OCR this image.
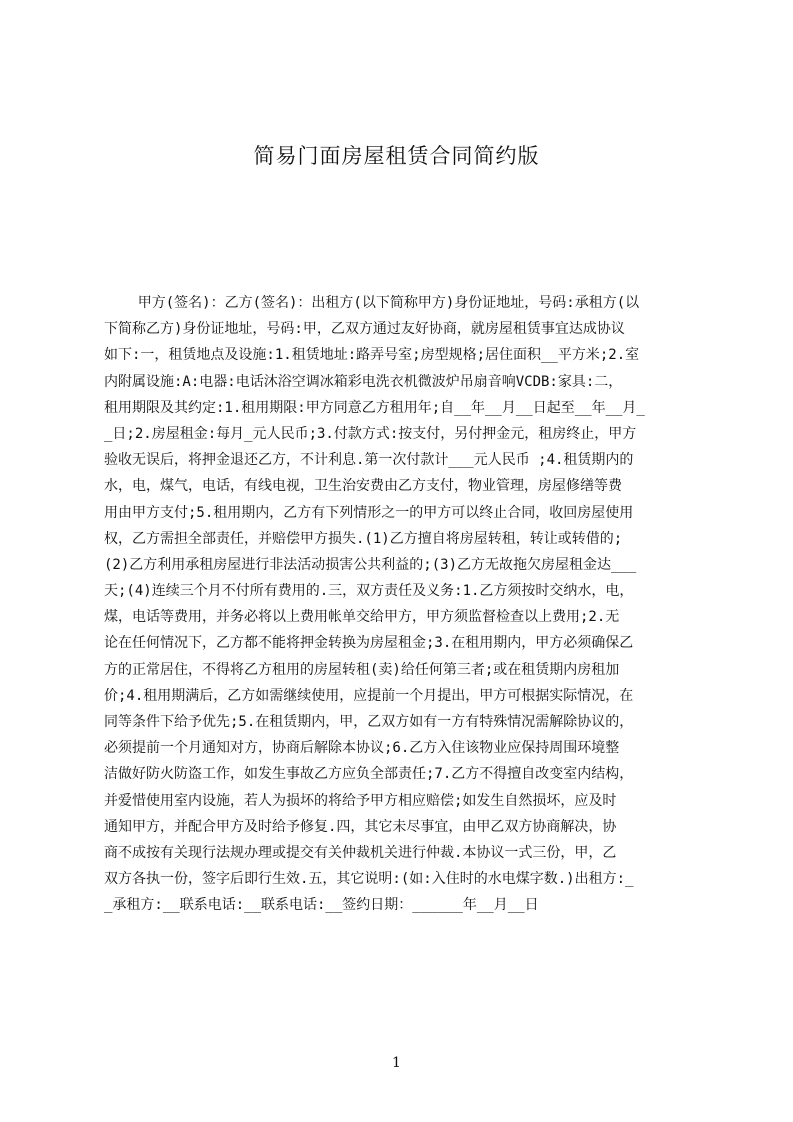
简易门面房屋租赁合同简约版
甲方(签名)：乙方(签名)：出租方(以下简称甲方)身份证地址，号码:承租方(以
下简称乙方)身份证地址，号码:甲，乙双方通过友好协商，就房屋租赁事宜达成协议
如下:一，租赁地点及设施:1.租赁地址:路弄号室;房型规格;居住面积__平方米;2.室
内附属设施:A:电器:电话沐浴空调冰箱彩电洗衣机微波炉吊扇音响VCDB:家具:二，
租用期限及其约定:1.租用期限:甲方同意乙方租用年;自__年__月__日起至__年__月_
_日;2.房屋租金:每月_元人民币;3.付款方式:按支付，另付押金元，租房终止，甲方
验收无误后，将押金退还乙方，不计利息.第一次付款计___元人民币 ;4.租赁期内的
水，电，煤气，电话，有线电视，卫生治安费由乙方支付，物业管理，房屋修缮等费
用由甲方支付;5.租用期内，乙方有下列情形之一的甲方可以终止合同，收回房屋使用
权，乙方需担全部责任，并赔偿甲方损失.(1)乙方擅自将房屋转租，转让或转借的;
(2)乙方利用承租房屋进行非法活动损害公共利益的;(3)乙方无故拖欠房屋租金达___
天;(4)连续三个月不付所有费用的.三，双方责任及义务:1.乙方须按时交纳水，电，
煤，电话等费用，并务必将以上费用帐单交给甲方，甲方须监督检查以上费用;2.无
论在任何情况下，乙方都不能将押金转换为房屋租金;3.在租用期内，甲方必须确保乙
方的正常居住，不得将乙方租用的房屋转租(卖)给任何第三者;或在租赁期内房租加
价;4.租用期满后，乙方如需继续使用，应提前一个月提出，甲方可根据实际情况，在
同等条件下给予优先;5.在租赁期内，甲，乙双方如有一方有特殊情况需解除协议的，
必须提前一个月通知对方，协商后解除本协议;6.乙方入住该物业应保持周围环境整
洁做好防火防盗工作，如发生事故乙方应负全部责任;7.乙方不得擅自改变室内结构，
并爱惜使用室内设施，若人为损坏的将给予甲方相应赔偿;如发生自然损坏，应及时
通知甲方，并配合甲方及时给予修复.四，其它未尽事宜，由甲乙双方协商解决，协
商不成按有关现行法规办理或提交有关仲裁机关进行仲裁.本协议一式三份，甲，乙
双方各执一份，签字后即行生效.五，其它说明:(如:入住时的水电煤字数.)出租方:_
_承租方:__联系电话:__联系电话:__签约日期：______年__月__日
1
